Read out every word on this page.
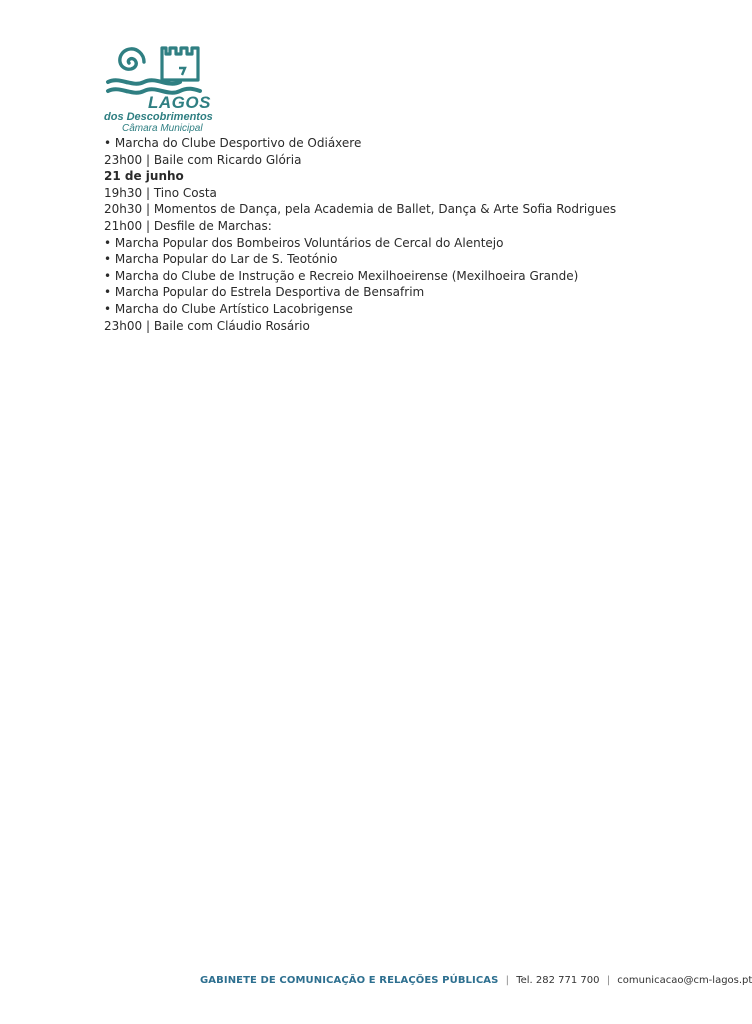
LAGOS
dos Descobrimentos
Câmara Municipal
• Marcha do Clube Desportivo de Odiáxere
23h00 | Baile com Ricardo Glória
21 de junho
19h30 | Tino Costa
20h30 | Momentos de Dança, pela Academia de Ballet, Dança & Arte Sofia Rodrigues
21h00 | Desfile de Marchas:
• Marcha Popular dos Bombeiros Voluntários de Cercal do Alentejo
• Marcha Popular do Lar de S. Teotónio
• Marcha do Clube de Instrução e Recreio Mexilhoeirense (Mexilhoeira Grande)
• Marcha Popular do Estrela Desportiva de Bensafrim
• Marcha do Clube Artístico Lacobrigense
23h00 | Baile com Cláudio Rosário
GABINETE DE COMUNICAÇÃO E RELAÇÕES PÚBLICAS | Tel. 282 771 700 | comunicacao@cm-lagos.pt
